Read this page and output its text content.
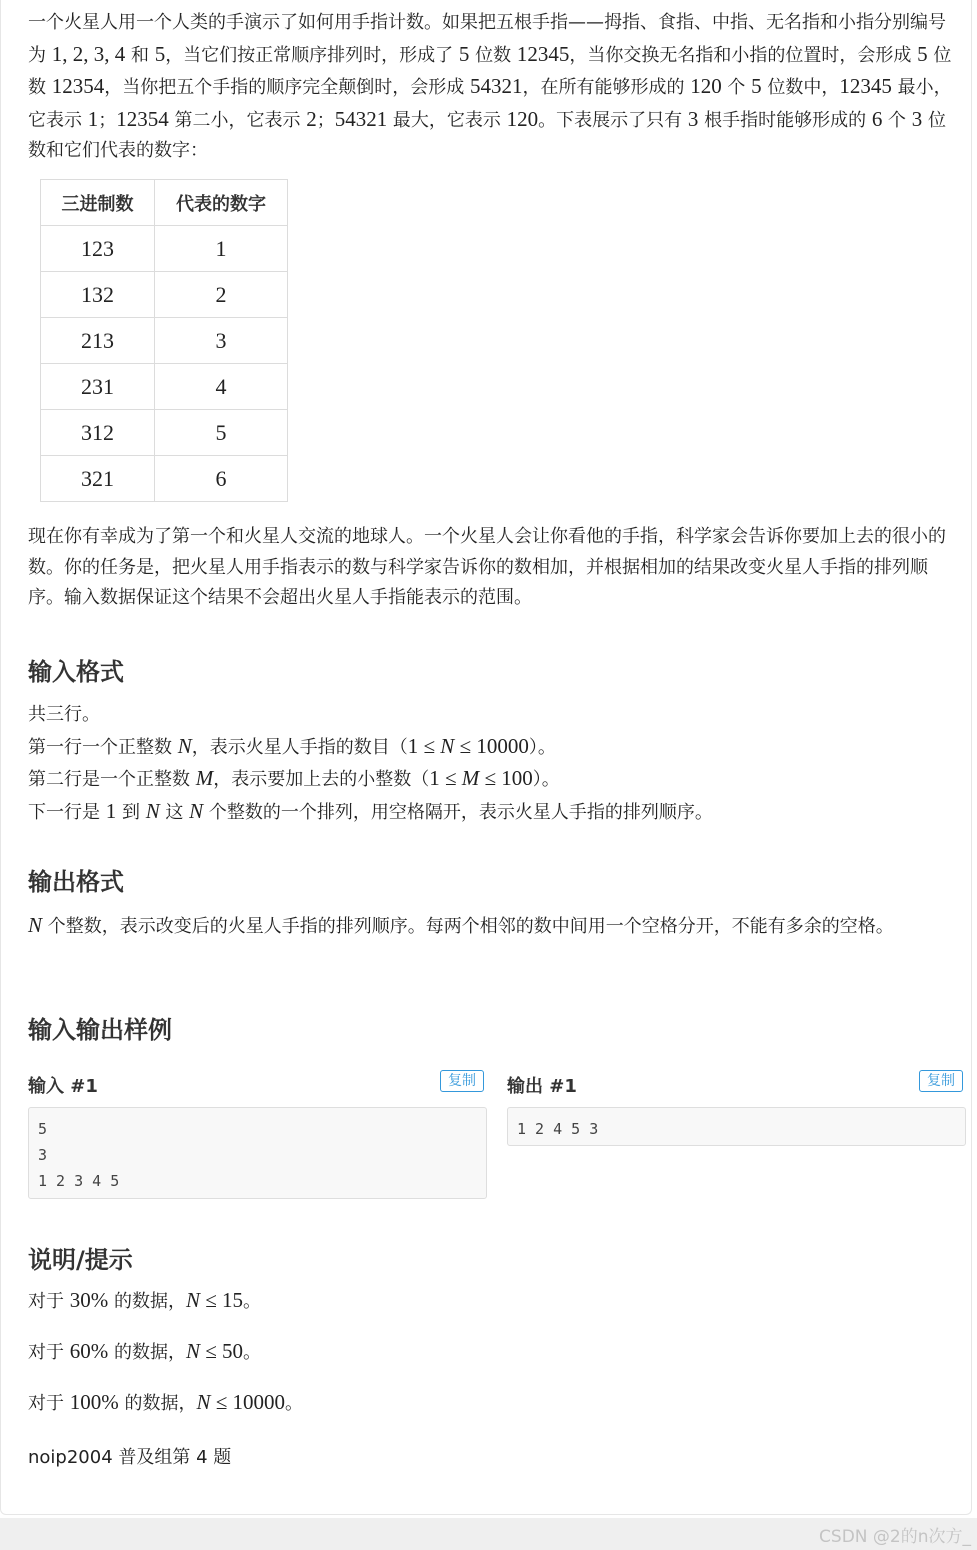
一个火星人用一个人类的手演示了如何用手指计数。如果把五根手指——拇指、食指、中指、无名指和小指分别编号为 1, 2, 3, 4 和 5，当它们按正常顺序排列时，形成了 5 位数 12345，当你交换无名指和小指的位置时，会形成 5 位数 12354，当你把五个手指的顺序完全颠倒时，会形成 54321，在所有能够形成的 120 个 5 位数中，12345 最小，它表示 1；12354 第二小，它表示 2；54321 最大，它表示 120。下表展示了只有 3 根手指时能够形成的 6 个 3 位数和它们代表的数字：

三进制数	代表的数字
123	1
132	2
213	3
231	4
312	5
321	6

现在你有幸成为了第一个和火星人交流的地球人。一个火星人会让你看他的手指，科学家会告诉你要加上去的很小的数。你的任务是，把火星人用手指表示的数与科学家告诉你的数相加，并根据相加的结果改变火星人手指的排列顺序。输入数据保证这个结果不会超出火星人手指能表示的范围。

输入格式

共三行。
第一行一个正整数 N，表示火星人手指的数目（1 ≤ N ≤ 10000）。
第二行是一个正整数 M，表示要加上去的小整数（1 ≤ M ≤ 100）。
下一行是 1 到 N 这 N 个整数的一个排列，用空格隔开，表示火星人手指的排列顺序。

输出格式

N 个整数，表示改变后的火星人手指的排列顺序。每两个相邻的数中间用一个空格分开，不能有多余的空格。

输入输出样例
输入 #1	复制
5
3
1 2 3 4 5
输出 #1	复制
1 2 4 5 3
说明/提示

对于 30% 的数据，N ≤ 15。

对于 60% 的数据，N ≤ 50。

对于 100% 的数据，N ≤ 10000。

noip2004 普及组第 4 题

CSDN @2的n次方_
